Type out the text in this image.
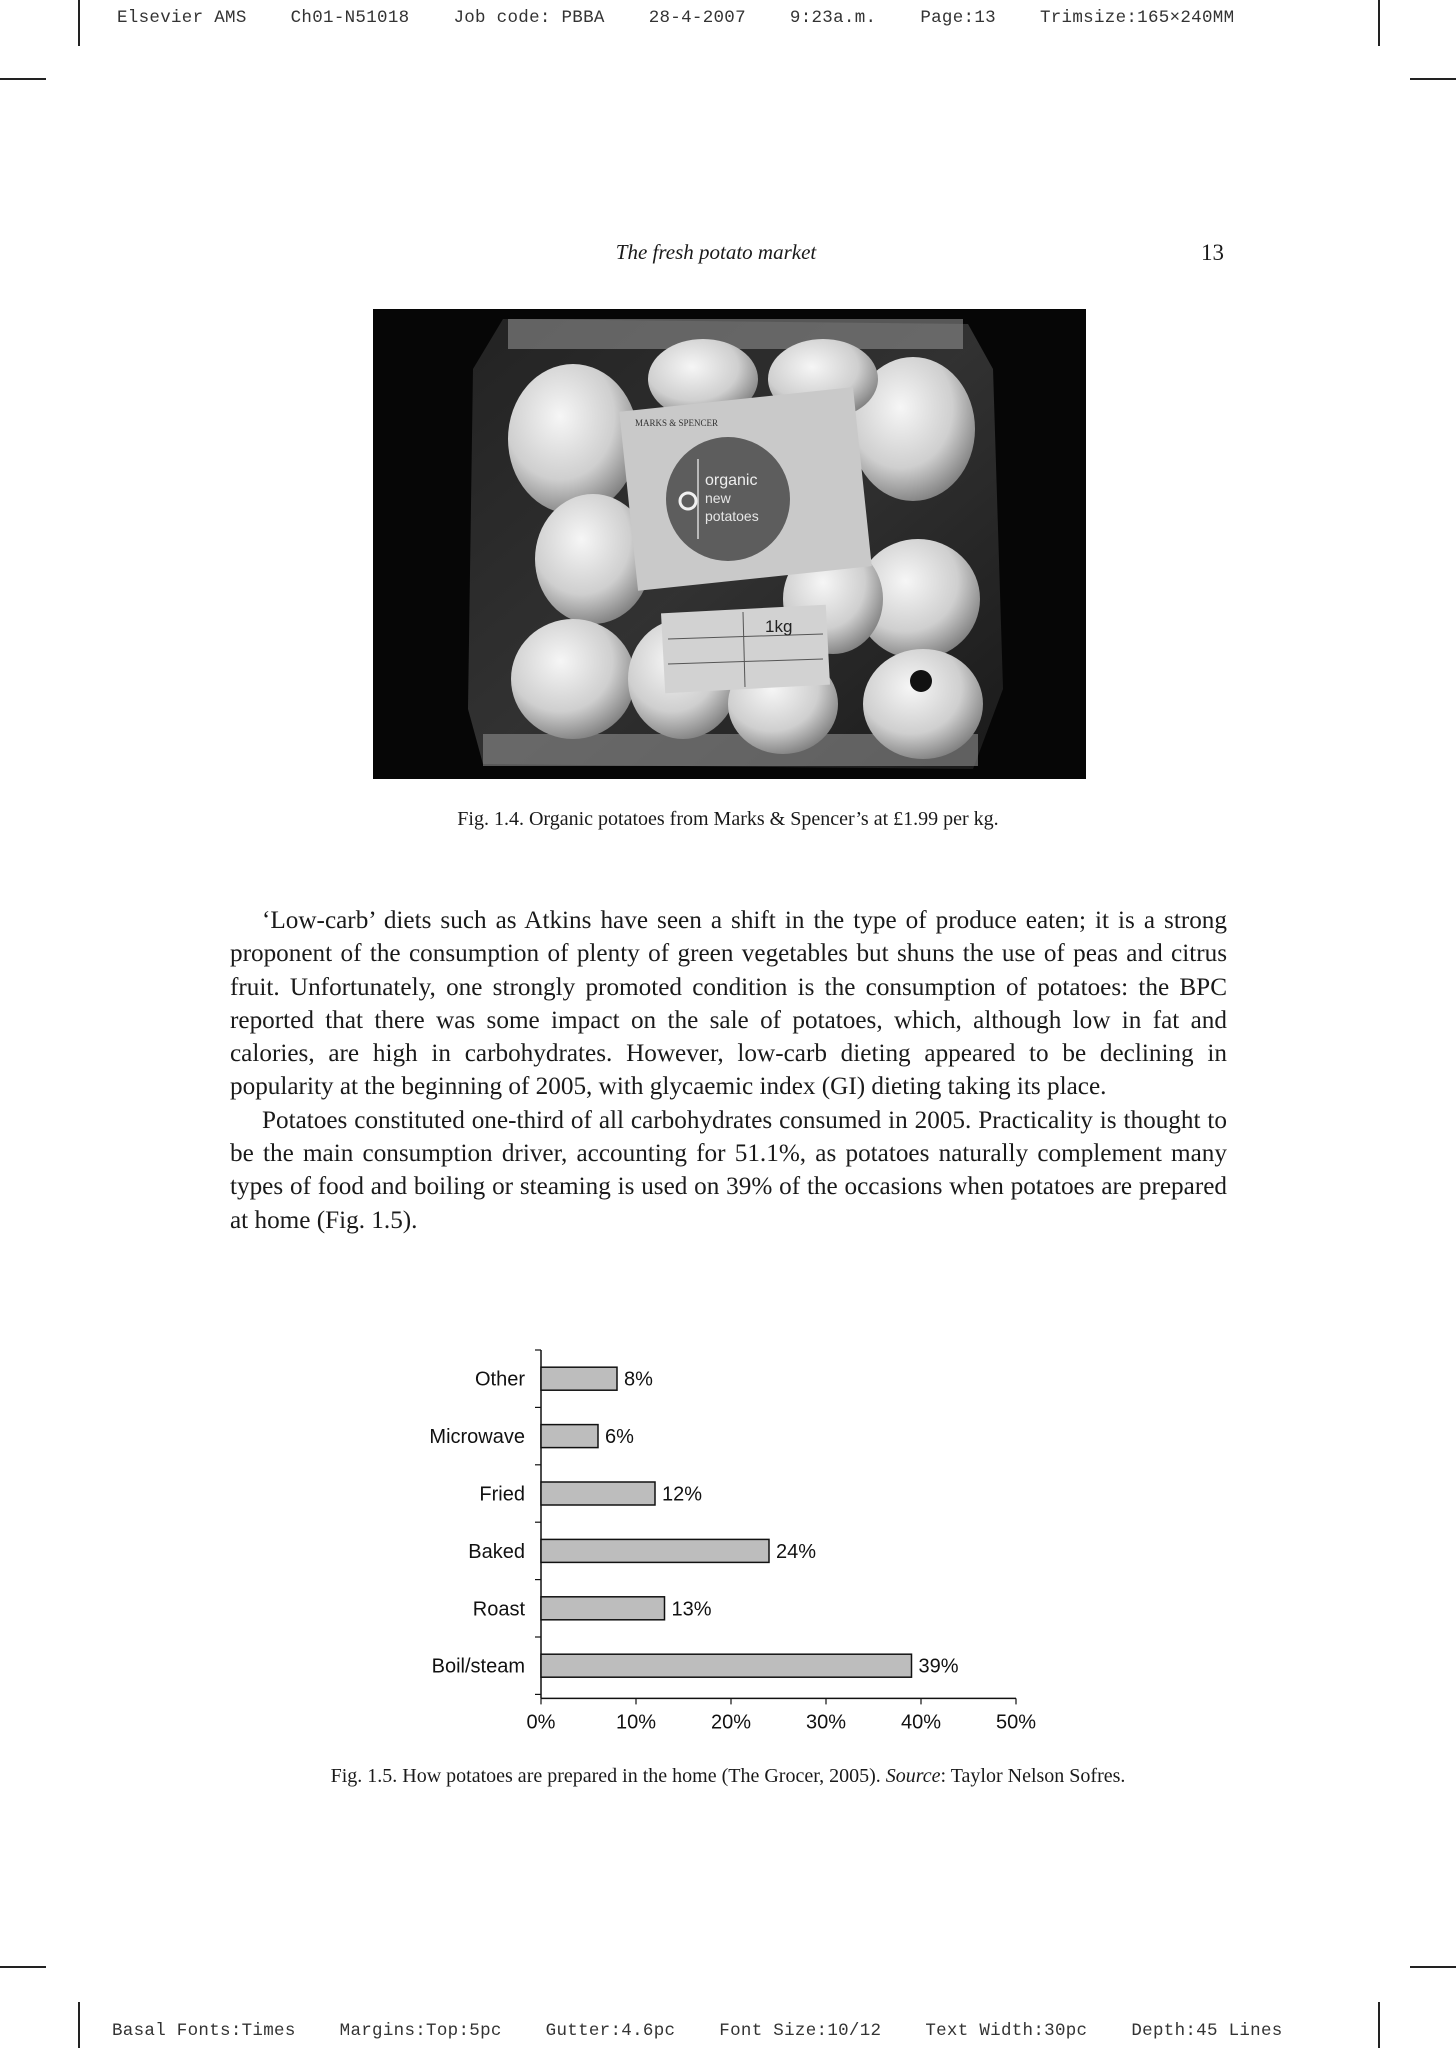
Elsevier AMS	Ch01-N51018	Job code: PBBA	28-4-2007	9:23a.m.	Page:13	Trimsize:165×240MM
The fresh potato market	13
MARKS & SPENCER
organic
new
potatoes
1kg
Fig. 1.4. Organic potatoes from Marks & Spencer’s at £1.99 per kg.

‘Low-carb’ diets such as Atkins have seen a shift in the type of produce eaten; it is a strong proponent of the consumption of plenty of green vegetables but shuns the use of peas and citrus fruit. Unfortunately, one strongly promoted condition is the consumption of potatoes: the BPC reported that there was some impact on the sale of potatoes, which, although low in fat and calories, are high in carbohydrates. However, low-carb dieting appeared to be declining in popularity at the beginning of 2005, with glycaemic index (GI) dieting taking its place.

Potatoes constituted one-third of all carbohydrates consumed in 2005. Practicality is thought to be the main consumption driver, accounting for 51.1%, as potatoes naturally complement many types of food and boiling or steaming is used on 39% of the occasions when potatoes are prepared at home (Fig. 1.5).

0%	10%	20%	30%	40%	50%
Other	8%
Microwave	6%
Fried	12%
Baked	24%
Roast	13%
Boil/steam	39%
Fig. 1.5. How potatoes are prepared in the home (The Grocer, 2005). Source: Taylor Nelson Sofres.
Basal Fonts:Times	Margins:Top:5pc	Gutter:4.6pc	Font Size:10/12	Text Width:30pc	Depth:45 Lines
